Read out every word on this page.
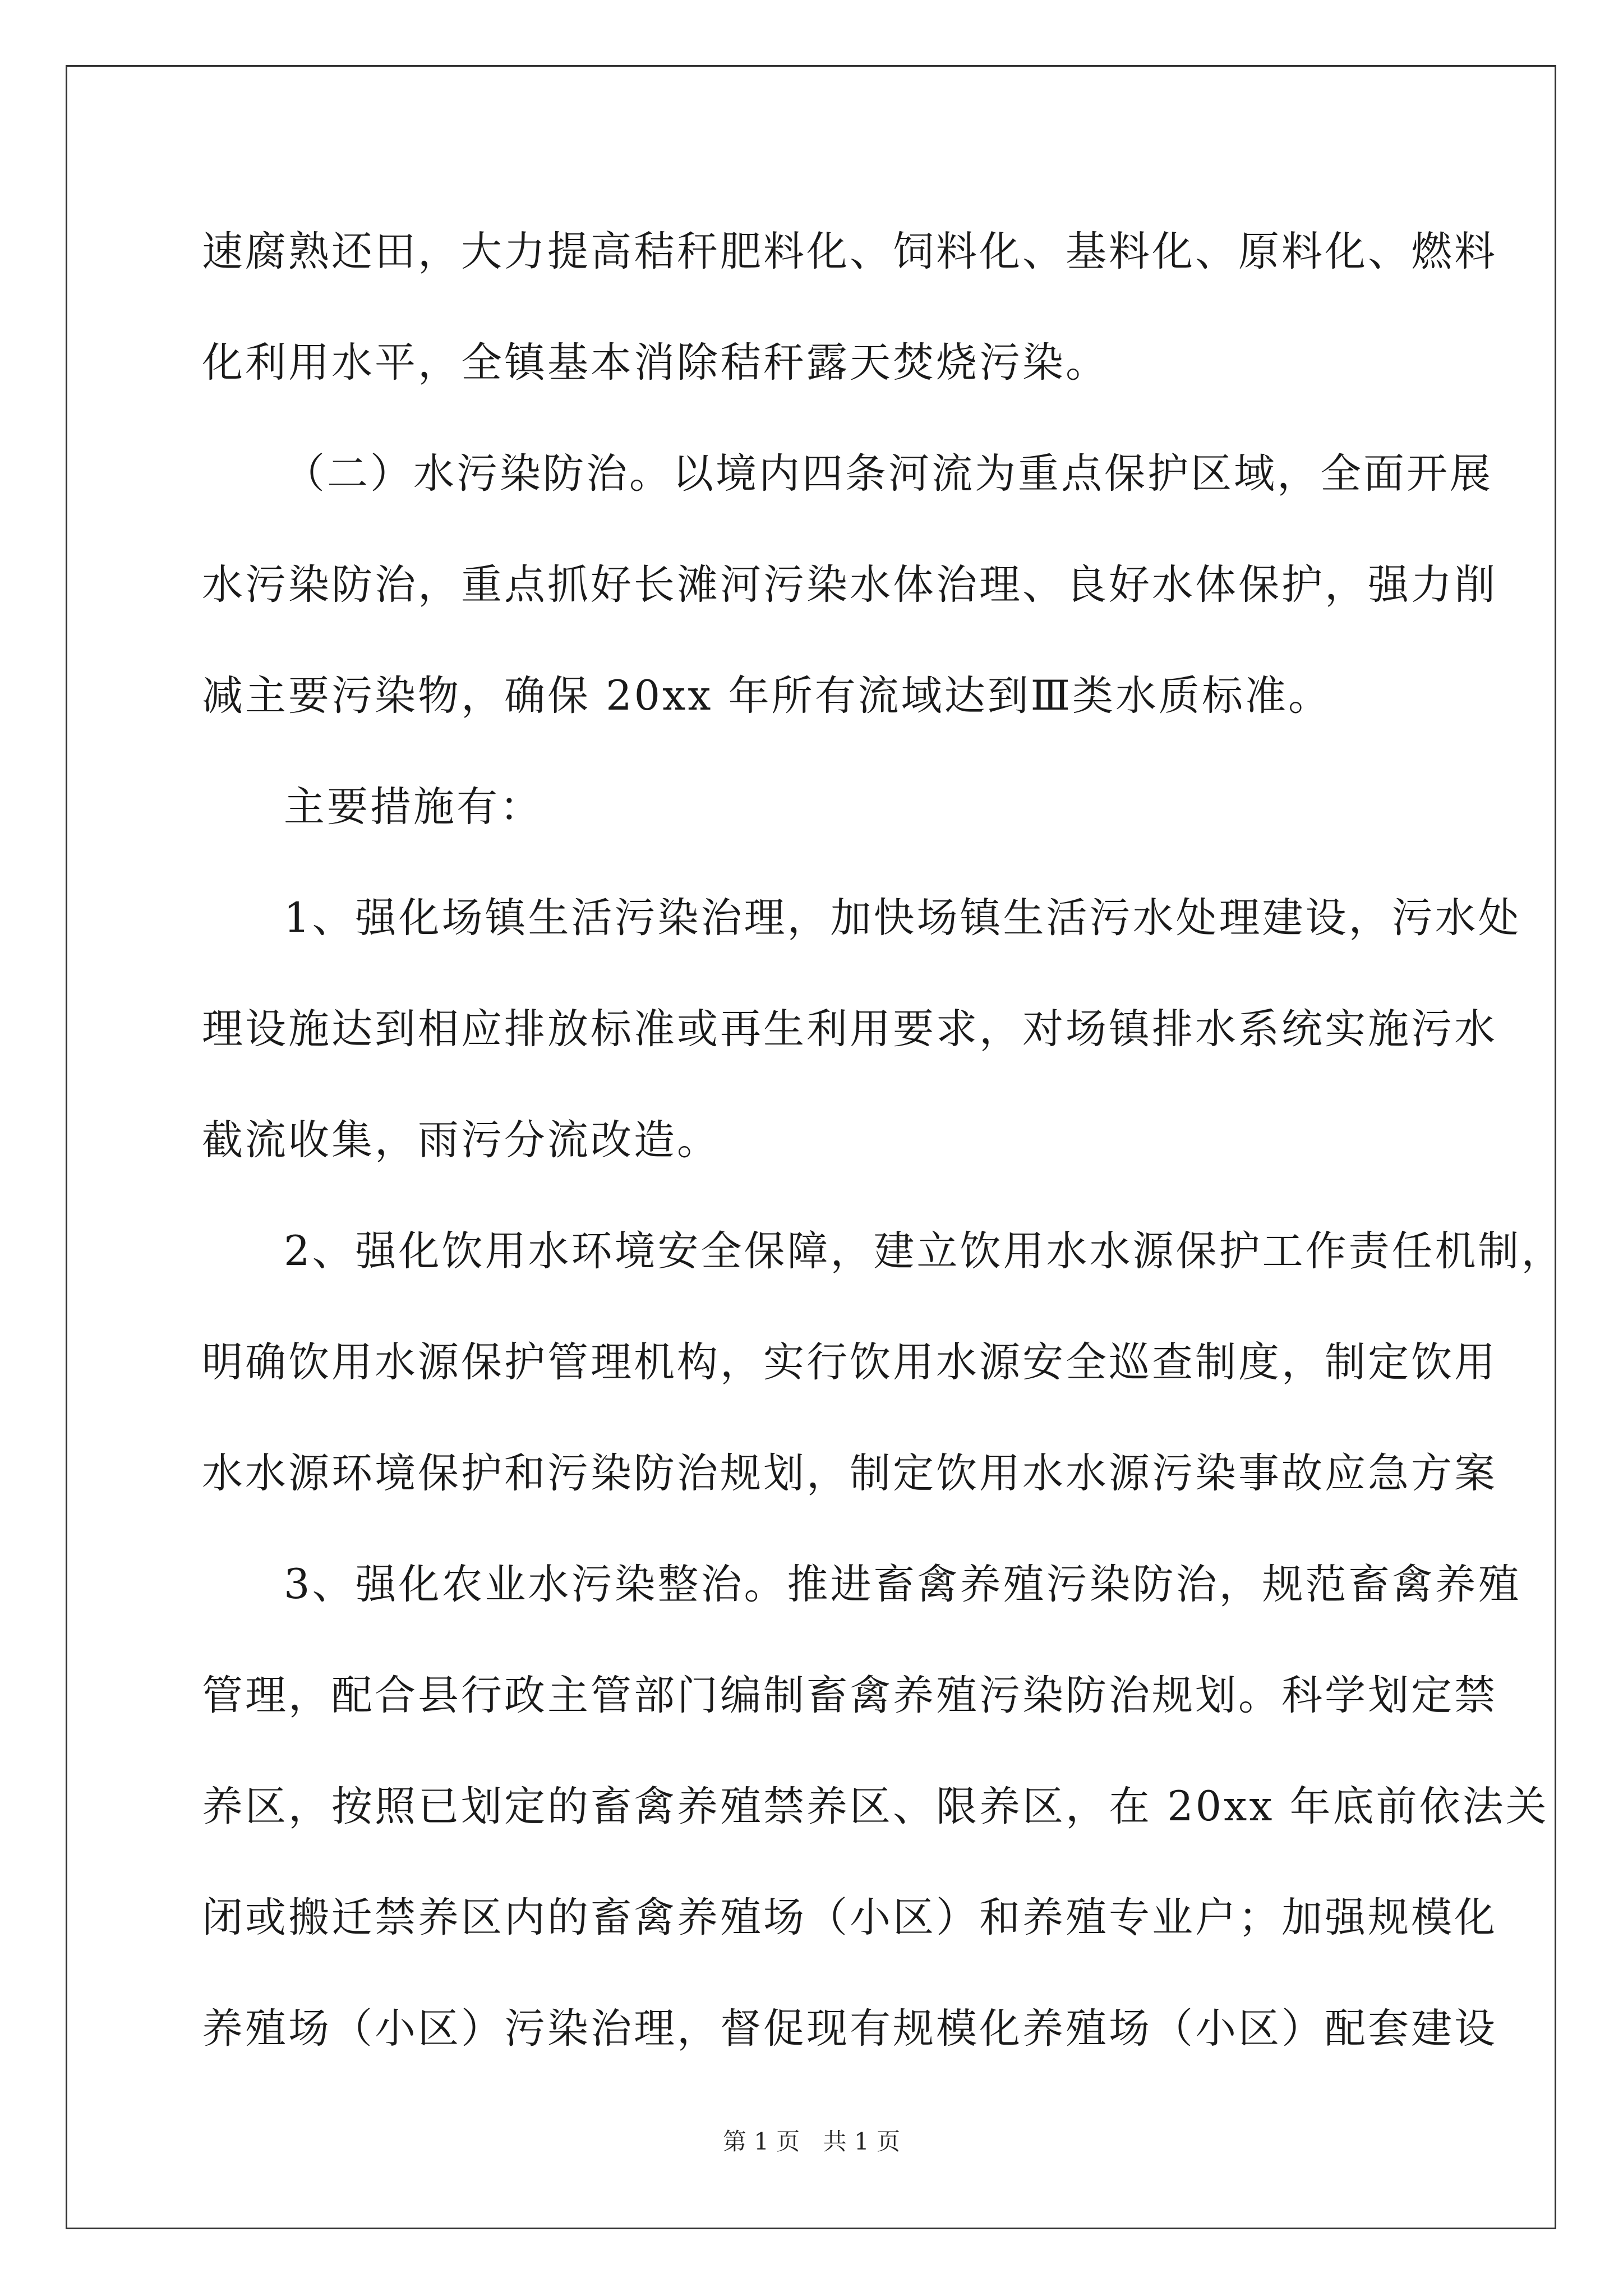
速腐熟还田，大力提高秸秆肥料化、饲料化、基料化、原料化、燃料
化利用水平，全镇基本消除秸秆露天焚烧污染。
（二）水污染防治。以境内四条河流为重点保护区域，全面开展
水污染防治，重点抓好长滩河污染水体治理、良好水体保护，强力削
减主要污染物，确保 20xx 年所有流域达到Ⅲ类水质标准。
主要措施有：
1、强化场镇生活污染治理，加快场镇生活污水处理建设，污水处
理设施达到相应排放标准或再生利用要求，对场镇排水系统实施污水
截流收集，雨污分流改造。
2、强化饮用水环境安全保障，建立饮用水水源保护工作责任机制，
明确饮用水源保护管理机构，实行饮用水源安全巡查制度，制定饮用
水水源环境保护和污染防治规划，制定饮用水水源污染事故应急方案
3、强化农业水污染整治。推进畜禽养殖污染防治，规范畜禽养殖
管理，配合县行政主管部门编制畜禽养殖污染防治规划。科学划定禁
养区，按照已划定的畜禽养殖禁养区、限养区，在 20xx 年底前依法关
闭或搬迁禁养区内的畜禽养殖场（小区）和养殖专业户；加强规模化
养殖场（小区）污染治理，督促现有规模化养殖场（小区）配套建设
第 1 页 共 1 页
